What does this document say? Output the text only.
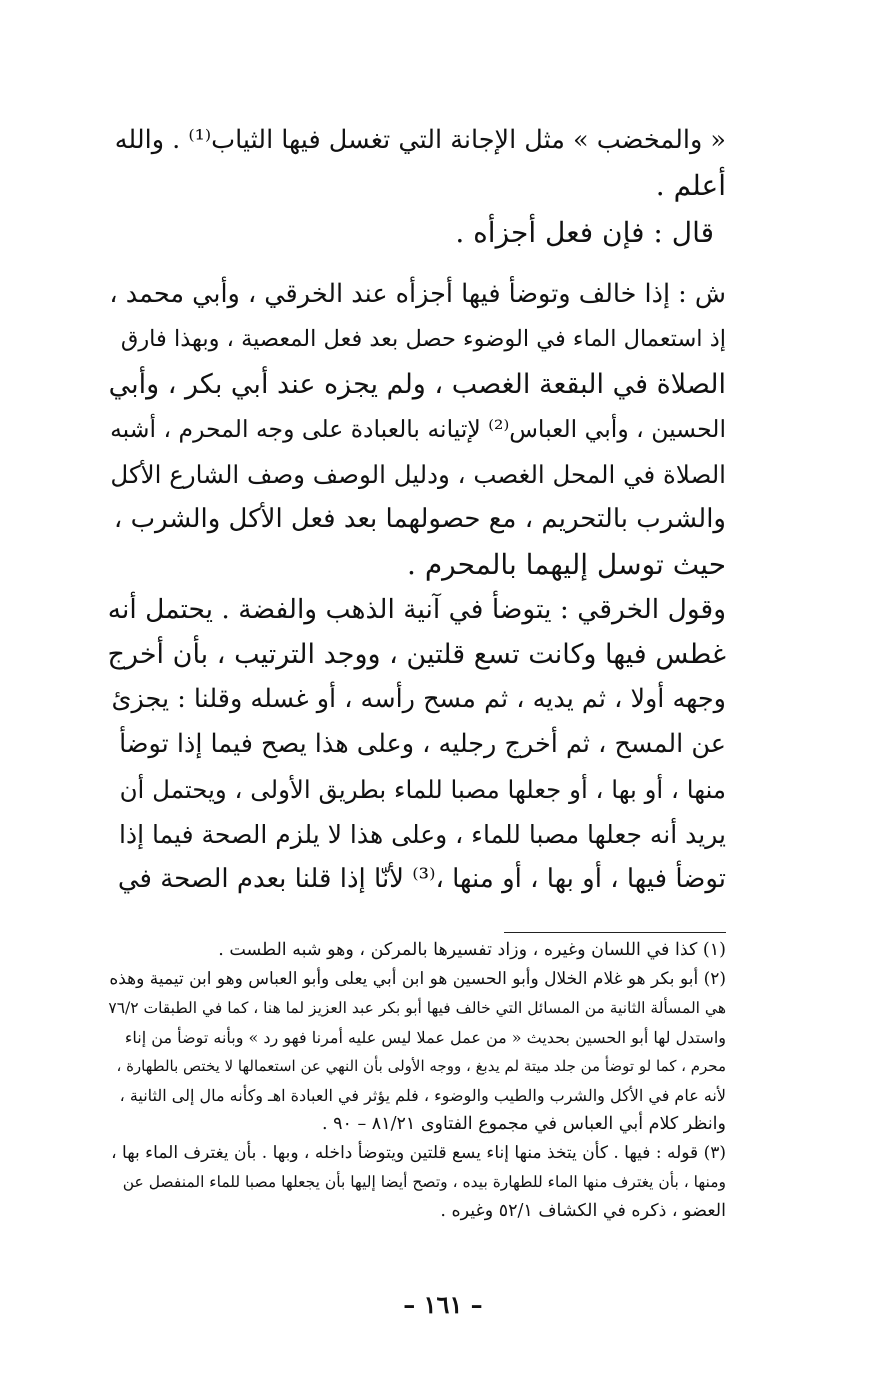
« والمخضب » مثل الإجانة التي تغسل فيها الثياب⁽¹⁾ . والله
أعلم .
قال : فإن فعل أجزأه .
ش : إذا خالف وتوضأ فيها أجزأه عند الخرقي ، وأبي محمد ،
إذ استعمال الماء في الوضوء حصل بعد فعل المعصية ، وبهذا فارق
الصلاة في البقعة الغصب ، ولم يجزه عند أبي بكر ، وأبي
الحسين ، وأبي العباس⁽²⁾ لإتيانه بالعبادة على وجه المحرم ، أشبه
الصلاة في المحل الغصب ، ودليل الوصف وصف الشارع الأكل
والشرب بالتحريم ، مع حصولهما بعد فعل الأكل والشرب ،
حيث توسل إليهما بالمحرم .
وقول الخرقي : يتوضأ في آنية الذهب والفضة . يحتمل أنه
غطس فيها وكانت تسع قلتين ، ووجد الترتيب ، بأن أخرج
وجهه أولا ، ثم يديه ، ثم مسح رأسه ، أو غسله وقلنا : يجزئ
عن المسح ، ثم أخرج رجليه ، وعلى هذا يصح فيما إذا توضأ
منها ، أو بها ، أو جعلها مصبا للماء بطريق الأولى ، ويحتمل أن
يريد أنه جعلها مصبا للماء ، وعلى هذا لا يلزم الصحة فيما إذا
توضأ فيها ، أو بها ، أو منها ،⁽³⁾ لأنّا إذا قلنا بعدم الصحة في
(١) كذا في اللسان وغيره ، وزاد تفسيرها بالمركن ، وهو شبه الطست .
(٢) أبو بكر هو غلام الخلال وأبو الحسين هو ابن أبي يعلى وأبو العباس وهو ابن تيمية وهذه
هي المسألة الثانية من المسائل التي خالف فيها أبو بكر عبد العزيز لما هنا ، كما في الطبقات ٧٦/٢
واستدل لها أبو الحسين بحديث « من عمل عملا ليس عليه أمرنا فهو رد » وبأنه توضأ من إناء
محرم ، كما لو توضأ من جلد ميتة لم يدبغ ، ووجه الأولى بأن النهي عن استعمالها لا يختص بالطهارة ،
لأنه عام في الأكل والشرب والطيب والوضوء ، فلم يؤثر في العبادة اهـ وكأنه مال إلى الثانية ،
وانظر كلام أبي العباس في مجموع الفتاوى ٨١/٢١ – ٩٠ .
(٣) قوله : فيها . كأن يتخذ منها إناء يسع قلتين ويتوضأ داخله ، وبها . بأن يغترف الماء بها ،
ومنها ، بأن يغترف منها الماء للطهارة بيده ، وتصح أيضا إليها بأن يجعلها مصبا للماء المنفصل عن
العضو ، ذكره في الكشاف ٥٢/١ وغيره .
– ١٦١ –
